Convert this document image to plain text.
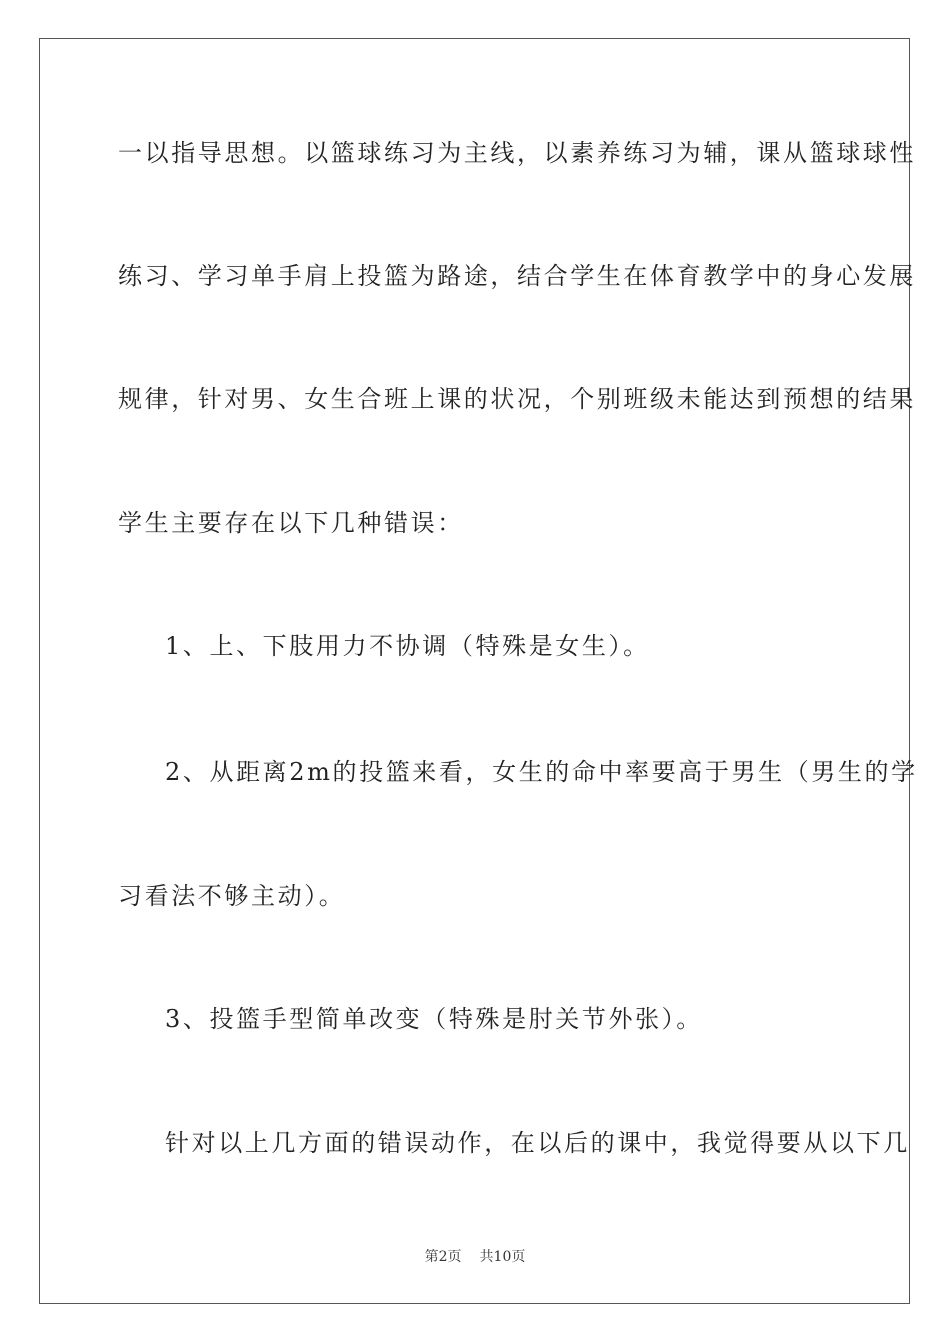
一以指导思想。以篮球练习为主线，以素养练习为辅，课从篮球球性
练习、学习单手肩上投篮为路途，结合学生在体育教学中的身心发展
规律，针对男、女生合班上课的状况，个别班级未能达到预想的结果
学生主要存在以下几种错误：
1、上、下肢用力不协调（特殊是女生）。
2、从距离2m的投篮来看，女生的命中率要高于男生（男生的学
习看法不够主动）。
3、投篮手型简单改变（特殊是肘关节外张）。
针对以上几方面的错误动作，在以后的课中，我觉得要从以下几
第2页 共10页
